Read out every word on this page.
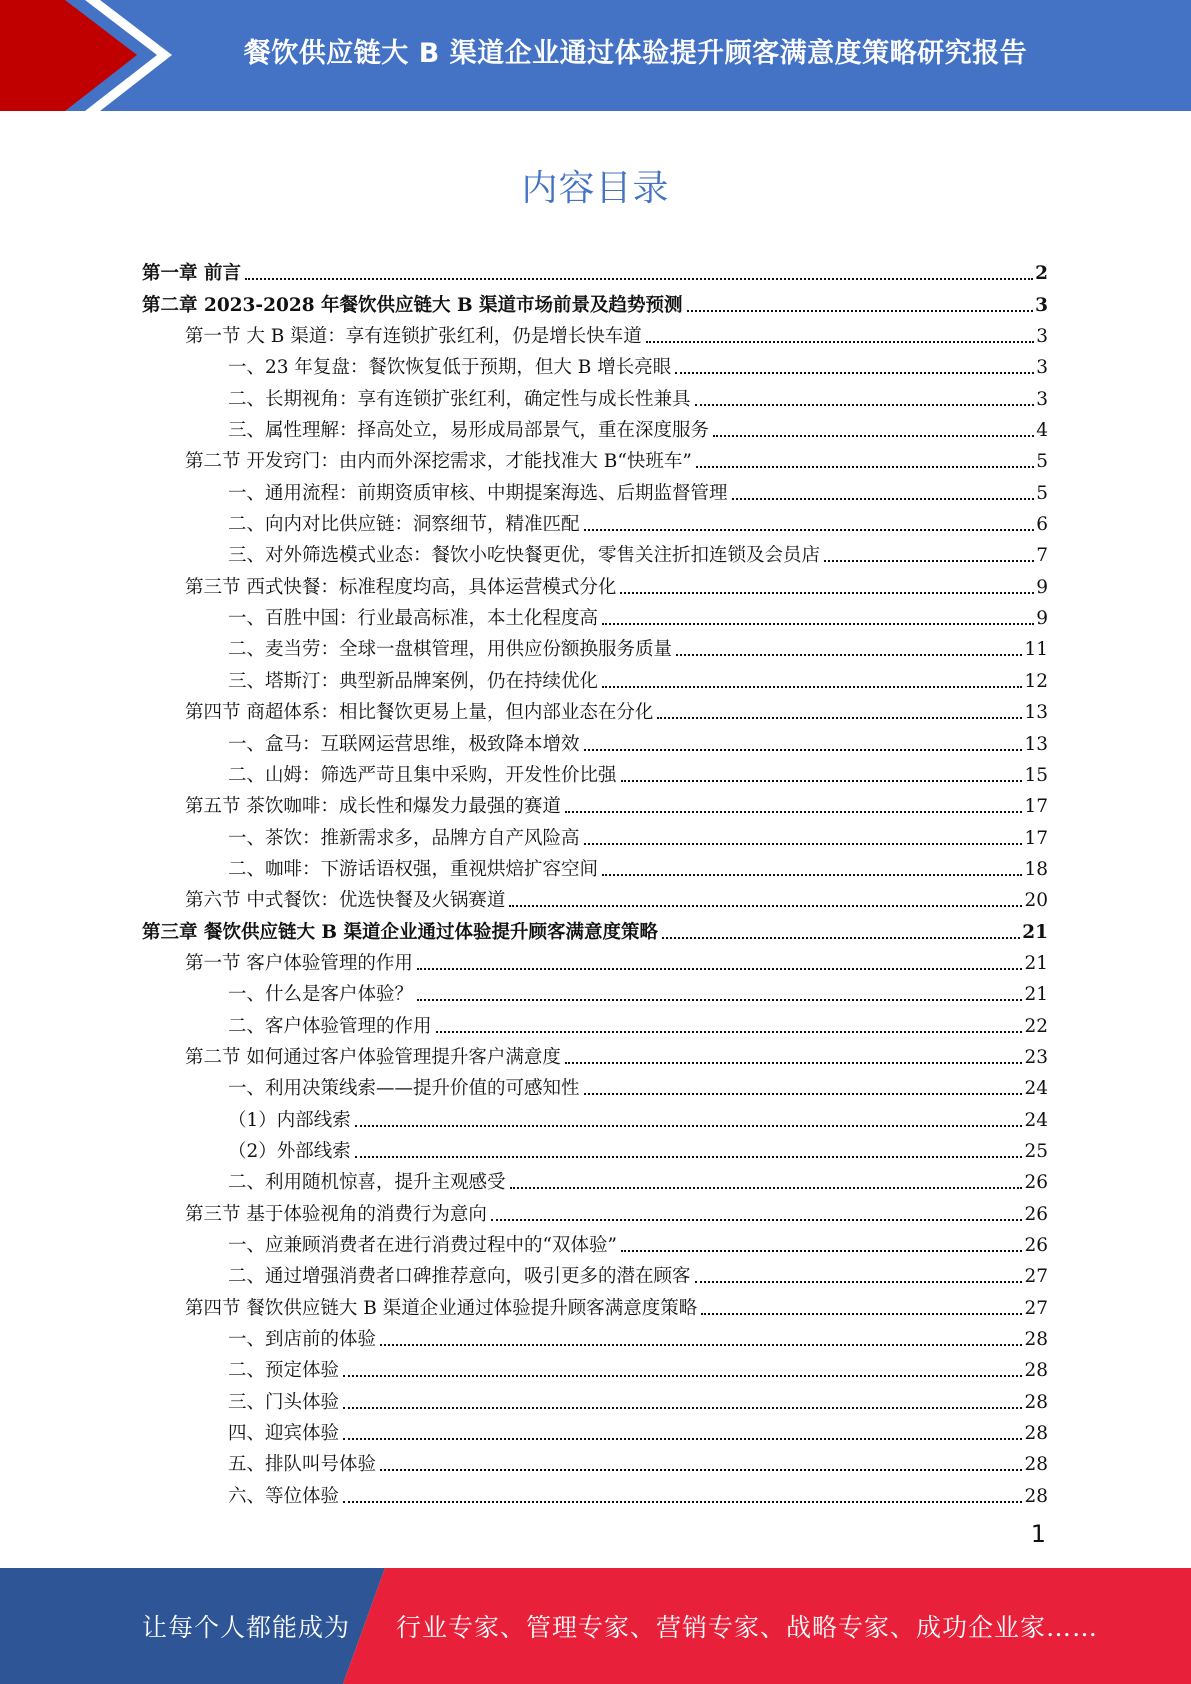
餐饮供应链大 B 渠道企业通过体验提升顾客满意度策略研究报告
内容目录
第一章 前言	2
第二章 2023-2028 年餐饮供应链大 B 渠道市场前景及趋势预测	3
第一节 大 B 渠道：享有连锁扩张红利，仍是增长快车道	3
一、23 年复盘：餐饮恢复低于预期，但大 B 增长亮眼	3
二、长期视角：享有连锁扩张红利，确定性与成长性兼具	3
三、属性理解：择高处立，易形成局部景气，重在深度服务	4
第二节 开发窍门：由内而外深挖需求，才能找准大 B“快班车”	5
一、通用流程：前期资质审核、中期提案海选、后期监督管理	5
二、向内对比供应链：洞察细节，精准匹配	6
三、对外筛选模式业态：餐饮小吃快餐更优，零售关注折扣连锁及会员店	7
第三节 西式快餐：标准程度均高，具体运营模式分化	9
一、百胜中国：行业最高标准，本土化程度高	9
二、麦当劳：全球一盘棋管理，用供应份额换服务质量	11
三、塔斯汀：典型新品牌案例，仍在持续优化	12
第四节 商超体系：相比餐饮更易上量，但内部业态在分化	13
一、盒马：互联网运营思维，极致降本增效	13
二、山姆：筛选严苛且集中采购，开发性价比强	15
第五节 茶饮咖啡：成长性和爆发力最强的赛道	17
一、茶饮：推新需求多，品牌方自产风险高	17
二、咖啡：下游话语权强，重视烘焙扩容空间	18
第六节 中式餐饮：优选快餐及火锅赛道	20
第三章 餐饮供应链大 B 渠道企业通过体验提升顾客满意度策略	21
第一节 客户体验管理的作用	21
一、什么是客户体验？	21
二、客户体验管理的作用	22
第二节 如何通过客户体验管理提升客户满意度	23
一、利用决策线索——提升价值的可感知性	24
（1）内部线索	24
（2）外部线索	25
二、利用随机惊喜，提升主观感受	26
第三节 基于体验视角的消费行为意向	26
一、应兼顾消费者在进行消费过程中的“双体验”	26
二、通过增强消费者口碑推荐意向，吸引更多的潜在顾客	27
第四节 餐饮供应链大 B 渠道企业通过体验提升顾客满意度策略	27
一、到店前的体验	28
二、预定体验	28
三、门头体验	28
四、迎宾体验	28
五、排队叫号体验	28
六、等位体验	28
1
让每个人都能成为 行业专家、管理专家、营销专家、战略专家、成功企业家……
